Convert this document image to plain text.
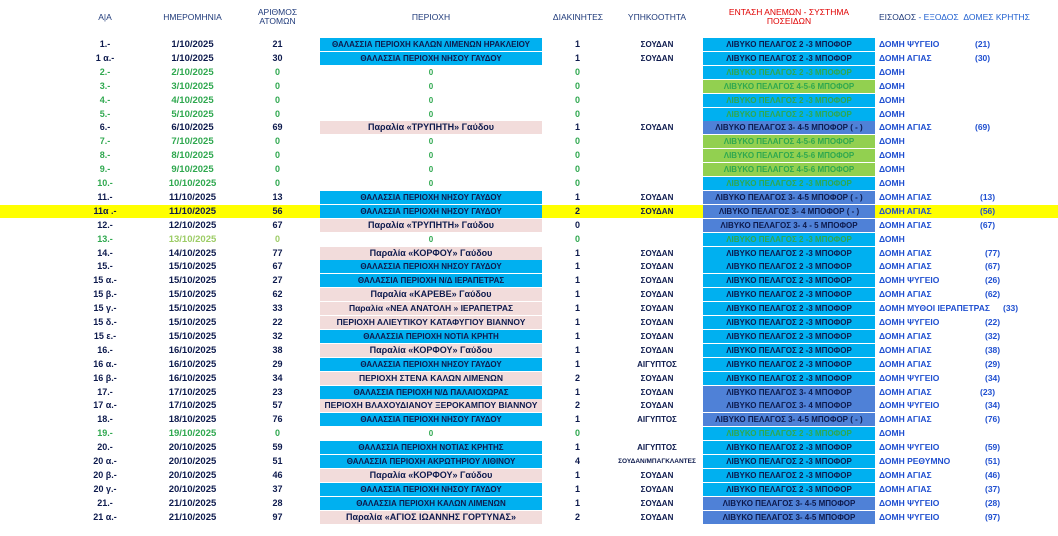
Α|Α	ΗΜΕΡΟΜΗΝΙΑ	ΑΡΙΘΜΟΣ
ΑΤΟΜΩΝ	ΠΕΡΙΟΧΗ	ΔΙΑΚΙΝΗΤΕΣ	ΥΠΗΚΟΟΤΗΤΑ	ΕΝΤΑΣΗ ΑΝΕΜΩΝ - ΣΥΣΤΗΜΑ
ΠΟΣΕΙΔΩΝ	ΕΙΣΟΔΟΣ
- ΕΞΟΔΟΣ
ΔΟΜΕΣ ΚΡΗΤΗΣ
1.-	1/10/2025	21	ΘΑΛΑΣΣΙΑ ΠΕΡΙΟΧΗ ΚΑΛΩΝ ΛΙΜΕΝΩΝ ΗΡΑΚΛΕΙΟΥ	1	ΣΟΥΔΑΝ	ΛΙΒΥΚΟ ΠΕΛΑΓΟΣ 2 -3 ΜΠΟΦΟΡ	ΔΟΜΗ ΨΥΓΕΙΟ	(21)
1 α.-	1/10/2025	30	ΘΑΛΑΣΣΙΑ ΠΕΡΙΟΧΗ ΝΗΣΟΥ ΓΑΥΔΟΥ	1	ΣΟΥΔΑΝ	ΛΙΒΥΚΟ ΠΕΛΑΓΟΣ 2 -3 ΜΠΟΦΟΡ	ΔΟΜΗ ΑΓΙΑΣ	(30)
2.-	2/10/2025	0	0	0	ΛΙΒΥΚΟ ΠΕΛΑΓΟΣ 2 -3 ΜΠΟΦΟΡ	ΔΟΜΗ
3.-	3/10/2025	0	0	0	ΛΙΒΥΚΟ ΠΕΛΑΓΟΣ 4-5-6 ΜΠΟΦΟΡ	ΔΟΜΗ
4.-	4/10/2025	0	0	0	ΛΙΒΥΚΟ ΠΕΛΑΓΟΣ 2 -3 ΜΠΟΦΟΡ	ΔΟΜΗ
5.-	5/10/2025	0	0	0	ΛΙΒΥΚΟ ΠΕΛΑΓΟΣ 2 -3 ΜΠΟΦΟΡ	ΔΟΜΗ
6.-	6/10/2025	69	Παραλία «ΤΡΥΠΗΤΗ» Γαύδου	1	ΣΟΥΔΑΝ	ΛΙΒΥΚΟ ΠΕΛΑΓΟΣ 3- 4-5 ΜΠΟΦΟΡ ( - )	ΔΟΜΗ ΑΓΙΑΣ	(69)
7.-	7/10/2025	0	0	0	ΛΙΒΥΚΟ ΠΕΛΑΓΟΣ 4-5-6 ΜΠΟΦΟΡ	ΔΟΜΗ
8.-	8/10/2025	0	0	0	ΛΙΒΥΚΟ ΠΕΛΑΓΟΣ 4-5-6 ΜΠΟΦΟΡ	ΔΟΜΗ
9.-	9/10/2025	0	0	0	ΛΙΒΥΚΟ ΠΕΛΑΓΟΣ 4-5-6 ΜΠΟΦΟΡ	ΔΟΜΗ
10.-	10/10/2025	0	0	0	ΛΙΒΥΚΟ ΠΕΛΑΓΟΣ 2 -3 ΜΠΟΦΟΡ	ΔΟΜΗ
11.-	11/10/2025	13	ΘΑΛΑΣΣΙΑ ΠΕΡΙΟΧΗ ΝΗΣΟΥ ΓΑΥΔΟΥ	1	ΣΟΥΔΑΝ	ΛΙΒΥΚΟ ΠΕΛΑΓΟΣ 3- 4-5 ΜΠΟΦΟΡ ( - )	ΔΟΜΗ ΑΓΙΑΣ	(13)
11α .-	11/10/2025	56	ΘΑΛΑΣΣΙΑ ΠΕΡΙΟΧΗ ΝΗΣΟΥ ΓΑΥΔΟΥ	2	ΣΟΥΔΑΝ	ΛΙΒΥΚΟ ΠΕΛΑΓΟΣ 3- 4 ΜΠΟΦΟΡ ( - )	ΔΟΜΗ ΑΓΙΑΣ	(56)
12.-	12/10/2025	67	Παραλία «ΤΡΥΠΗΤΗ» Γαύδου	0	ΛΙΒΥΚΟ ΠΕΛΑΓΟΣ 3- 4 - 5 ΜΠΟΦΟΡ	ΔΟΜΗ ΑΓΙΑΣ	(67)
13.-	13/10/2025	0	0	0	ΛΙΒΥΚΟ ΠΕΛΑΓΟΣ 2 -3 ΜΠΟΦΟΡ	ΔΟΜΗ
14.-	14/10/2025	77	Παραλία «ΚΟΡΦΟΥ» Γαύδου	1	ΣΟΥΔΑΝ	ΛΙΒΥΚΟ ΠΕΛΑΓΟΣ 2 -3 ΜΠΟΦΟΡ	ΔΟΜΗ ΑΓΙΑΣ	(77)
15.-	15/10/2025	67	ΘΑΛΑΣΣΙΑ ΠΕΡΙΟΧΗ ΝΗΣΟΥ ΓΑΥΔΟΥ	1	ΣΟΥΔΑΝ	ΛΙΒΥΚΟ ΠΕΛΑΓΟΣ 2 -3 ΜΠΟΦΟΡ	ΔΟΜΗ ΑΓΙΑΣ	(67)
15 α.-	15/10/2025	27	ΘΑΛΑΣΣΙΑ ΠΕΡΙΟΧΗ Ν/Δ ΙΕΡΑΠΕΤΡΑΣ	1	ΣΟΥΔΑΝ	ΛΙΒΥΚΟ ΠΕΛΑΓΟΣ 2 -3 ΜΠΟΦΟΡ	ΔΟΜΗ ΨΥΓΕΙΟ	(26)
15 β.-	15/10/2025	62	Παραλία «ΚΑΡΕΒΕ» Γαύδου	1	ΣΟΥΔΑΝ	ΛΙΒΥΚΟ ΠΕΛΑΓΟΣ 2 -3 ΜΠΟΦΟΡ	ΔΟΜΗ ΑΓΙΑΣ	(62)
15 γ.-	15/10/2025	33	Παραλία «ΝΕΑ ΑΝΑΤΟΛΗ » ΙΕΡΑΠΕΤΡΑΣ	1	ΣΟΥΔΑΝ	ΛΙΒΥΚΟ ΠΕΛΑΓΟΣ 2 -3 ΜΠΟΦΟΡ	ΔΟΜΗ ΜΥΘΟΙ ΙΕΡΑΠΕΤΡΑΣ (33)
15 δ.-	15/10/2025	22	ΠΕΡΙΟΧΗ ΑΛΙΕΥΤΙΚΟΥ ΚΑΤΑΦΥΓΙΟΥ ΒΙΑΝΝΟΥ	1	ΣΟΥΔΑΝ	ΛΙΒΥΚΟ ΠΕΛΑΓΟΣ 2 -3 ΜΠΟΦΟΡ	ΔΟΜΗ ΨΥΓΕΙΟ	(22)
15 ε.-	15/10/2025	32	ΘΑΛΑΣΣΙΑ ΠΕΡΙΟΧΗ ΝΟΤΙΑ ΚΡΗΤΗ	1	ΣΟΥΔΑΝ	ΛΙΒΥΚΟ ΠΕΛΑΓΟΣ 2 -3 ΜΠΟΦΟΡ	ΔΟΜΗ ΑΓΙΑΣ	(32)
16.-	16/10/2025	38	Παραλία «ΚΟΡΦΟΥ» Γαύδου	1	ΣΟΥΔΑΝ	ΛΙΒΥΚΟ ΠΕΛΑΓΟΣ 2 -3 ΜΠΟΦΟΡ	ΔΟΜΗ ΑΓΙΑΣ	(38)
16 α.-	16/10/2025	29	ΘΑΛΑΣΣΙΑ ΠΕΡΙΟΧΗ ΝΗΣΟΥ ΓΑΥΔΟΥ	1	ΑΙΓΥΠΤΟΣ	ΛΙΒΥΚΟ ΠΕΛΑΓΟΣ 2 -3 ΜΠΟΦΟΡ	ΔΟΜΗ ΑΓΙΑΣ	(29)
16 β.-	16/10/2025	34	ΠΕΡΙΟΧΗ ΣΤΕΝΑ ΚΑΛΩΝ ΛΙΜΕΝΩΝ	2	ΣΟΥΔΑΝ	ΛΙΒΥΚΟ ΠΕΛΑΓΟΣ 2 -3 ΜΠΟΦΟΡ	ΔΟΜΗ ΨΥΓΕΙΟ	(34)
17.-	17/10/2025	23	ΘΑΛΑΣΣΙΑ ΠΕΡΙΟΧΗ Ν/Δ ΠΑΛΑΙΟΧΩΡΑΣ	1	ΣΟΥΔΑΝ	ΛΙΒΥΚΟ ΠΕΛΑΓΟΣ 3- 4 ΜΠΟΦΟΡ	ΔΟΜΗ ΑΓΙΑΣ	(23)
17 α.-	17/10/2025	57	ΠΕΡΙΟΧΗ ΒΛΑΧΟΥΔΙΑΝΟΥ ΞΕΡΟΚΑΜΠΟΥ ΒΙΑΝΝΟΥ	2	ΣΟΥΔΑΝ	ΛΙΒΥΚΟ ΠΕΛΑΓΟΣ 3- 4 ΜΠΟΦΟΡ	ΔΟΜΗ ΨΥΓΕΙΟ	(34)
18.-	18/10/2025	76	ΘΑΛΑΣΣΙΑ ΠΕΡΙΟΧΗ ΝΗΣΟΥ ΓΑΥΔΟΥ	1	ΑΙΓΥΠΤΟΣ	ΛΙΒΥΚΟ ΠΕΛΑΓΟΣ 3- 4-5 ΜΠΟΦΟΡ ( - )	ΔΟΜΗ ΑΓΙΑΣ	(76)
19.-	19/10/2025	0	0	0	ΛΙΒΥΚΟ ΠΕΛΑΓΟΣ 2 -3 ΜΠΟΦΟΡ	ΔΟΜΗ
20.-	20/10/2025	59	ΘΑΛΑΣΣΙΑ ΠΕΡΙΟΧΗ ΝΟΤΙΑΣ ΚΡΗΤΗΣ	1	ΑΙΓΥΠΤΟΣ	ΛΙΒΥΚΟ ΠΕΛΑΓΟΣ 2 -3 ΜΠΟΦΟΡ	ΔΟΜΗ ΨΥΓΕΙΟ	(59)
20 α.-	20/10/2025	51	ΘΑΛΑΣΣΙΑ ΠΕΡΙΟΧΗ ΑΚΡΩΤΗΡΙΟΥ ΛΙΘΙΝΟΥ	4	ΣΟΥΔΑΝ/ΜΠΑΓΚΛΑΝΤΕΣ	ΛΙΒΥΚΟ ΠΕΛΑΓΟΣ 2 -3 ΜΠΟΦΟΡ	ΔΟΜΗ ΡΕΘΥΜΝΟ	(51)
20 β.-	20/10/2025	46	Παραλία «ΚΟΡΦΟΥ» Γαύδου	1	ΣΟΥΔΑΝ	ΛΙΒΥΚΟ ΠΕΛΑΓΟΣ 2 -3 ΜΠΟΦΟΡ	ΔΟΜΗ ΑΓΙΑΣ	(46)
20 γ.-	20/10/2025	37	ΘΑΛΑΣΣΙΑ ΠΕΡΙΟΧΗ ΝΗΣΟΥ ΓΑΥΔΟΥ	1	ΣΟΥΔΑΝ	ΛΙΒΥΚΟ ΠΕΛΑΓΟΣ 2 -3 ΜΠΟΦΟΡ	ΔΟΜΗ ΑΓΙΑΣ	(37)
21.-	21/10/2025	28	ΘΑΛΑΣΣΙΑ ΠΕΡΙΟΧΗ ΚΑΛΩΝ ΛΙΜΕΝΩΝ	1	ΣΟΥΔΑΝ	ΛΙΒΥΚΟ ΠΕΛΑΓΟΣ 3- 4-5 ΜΠΟΦΟΡ	ΔΟΜΗ ΨΥΓΕΙΟ	(28)
21 α.-	21/10/2025	97	Παραλία «ΑΓΙΟΣ ΙΩΑΝΝΗΣ ΓΟΡΤΥΝΑΣ»	2	ΣΟΥΔΑΝ	ΛΙΒΥΚΟ ΠΕΛΑΓΟΣ 3- 4-5 ΜΠΟΦΟΡ	ΔΟΜΗ ΨΥΓΕΙΟ	(97)
